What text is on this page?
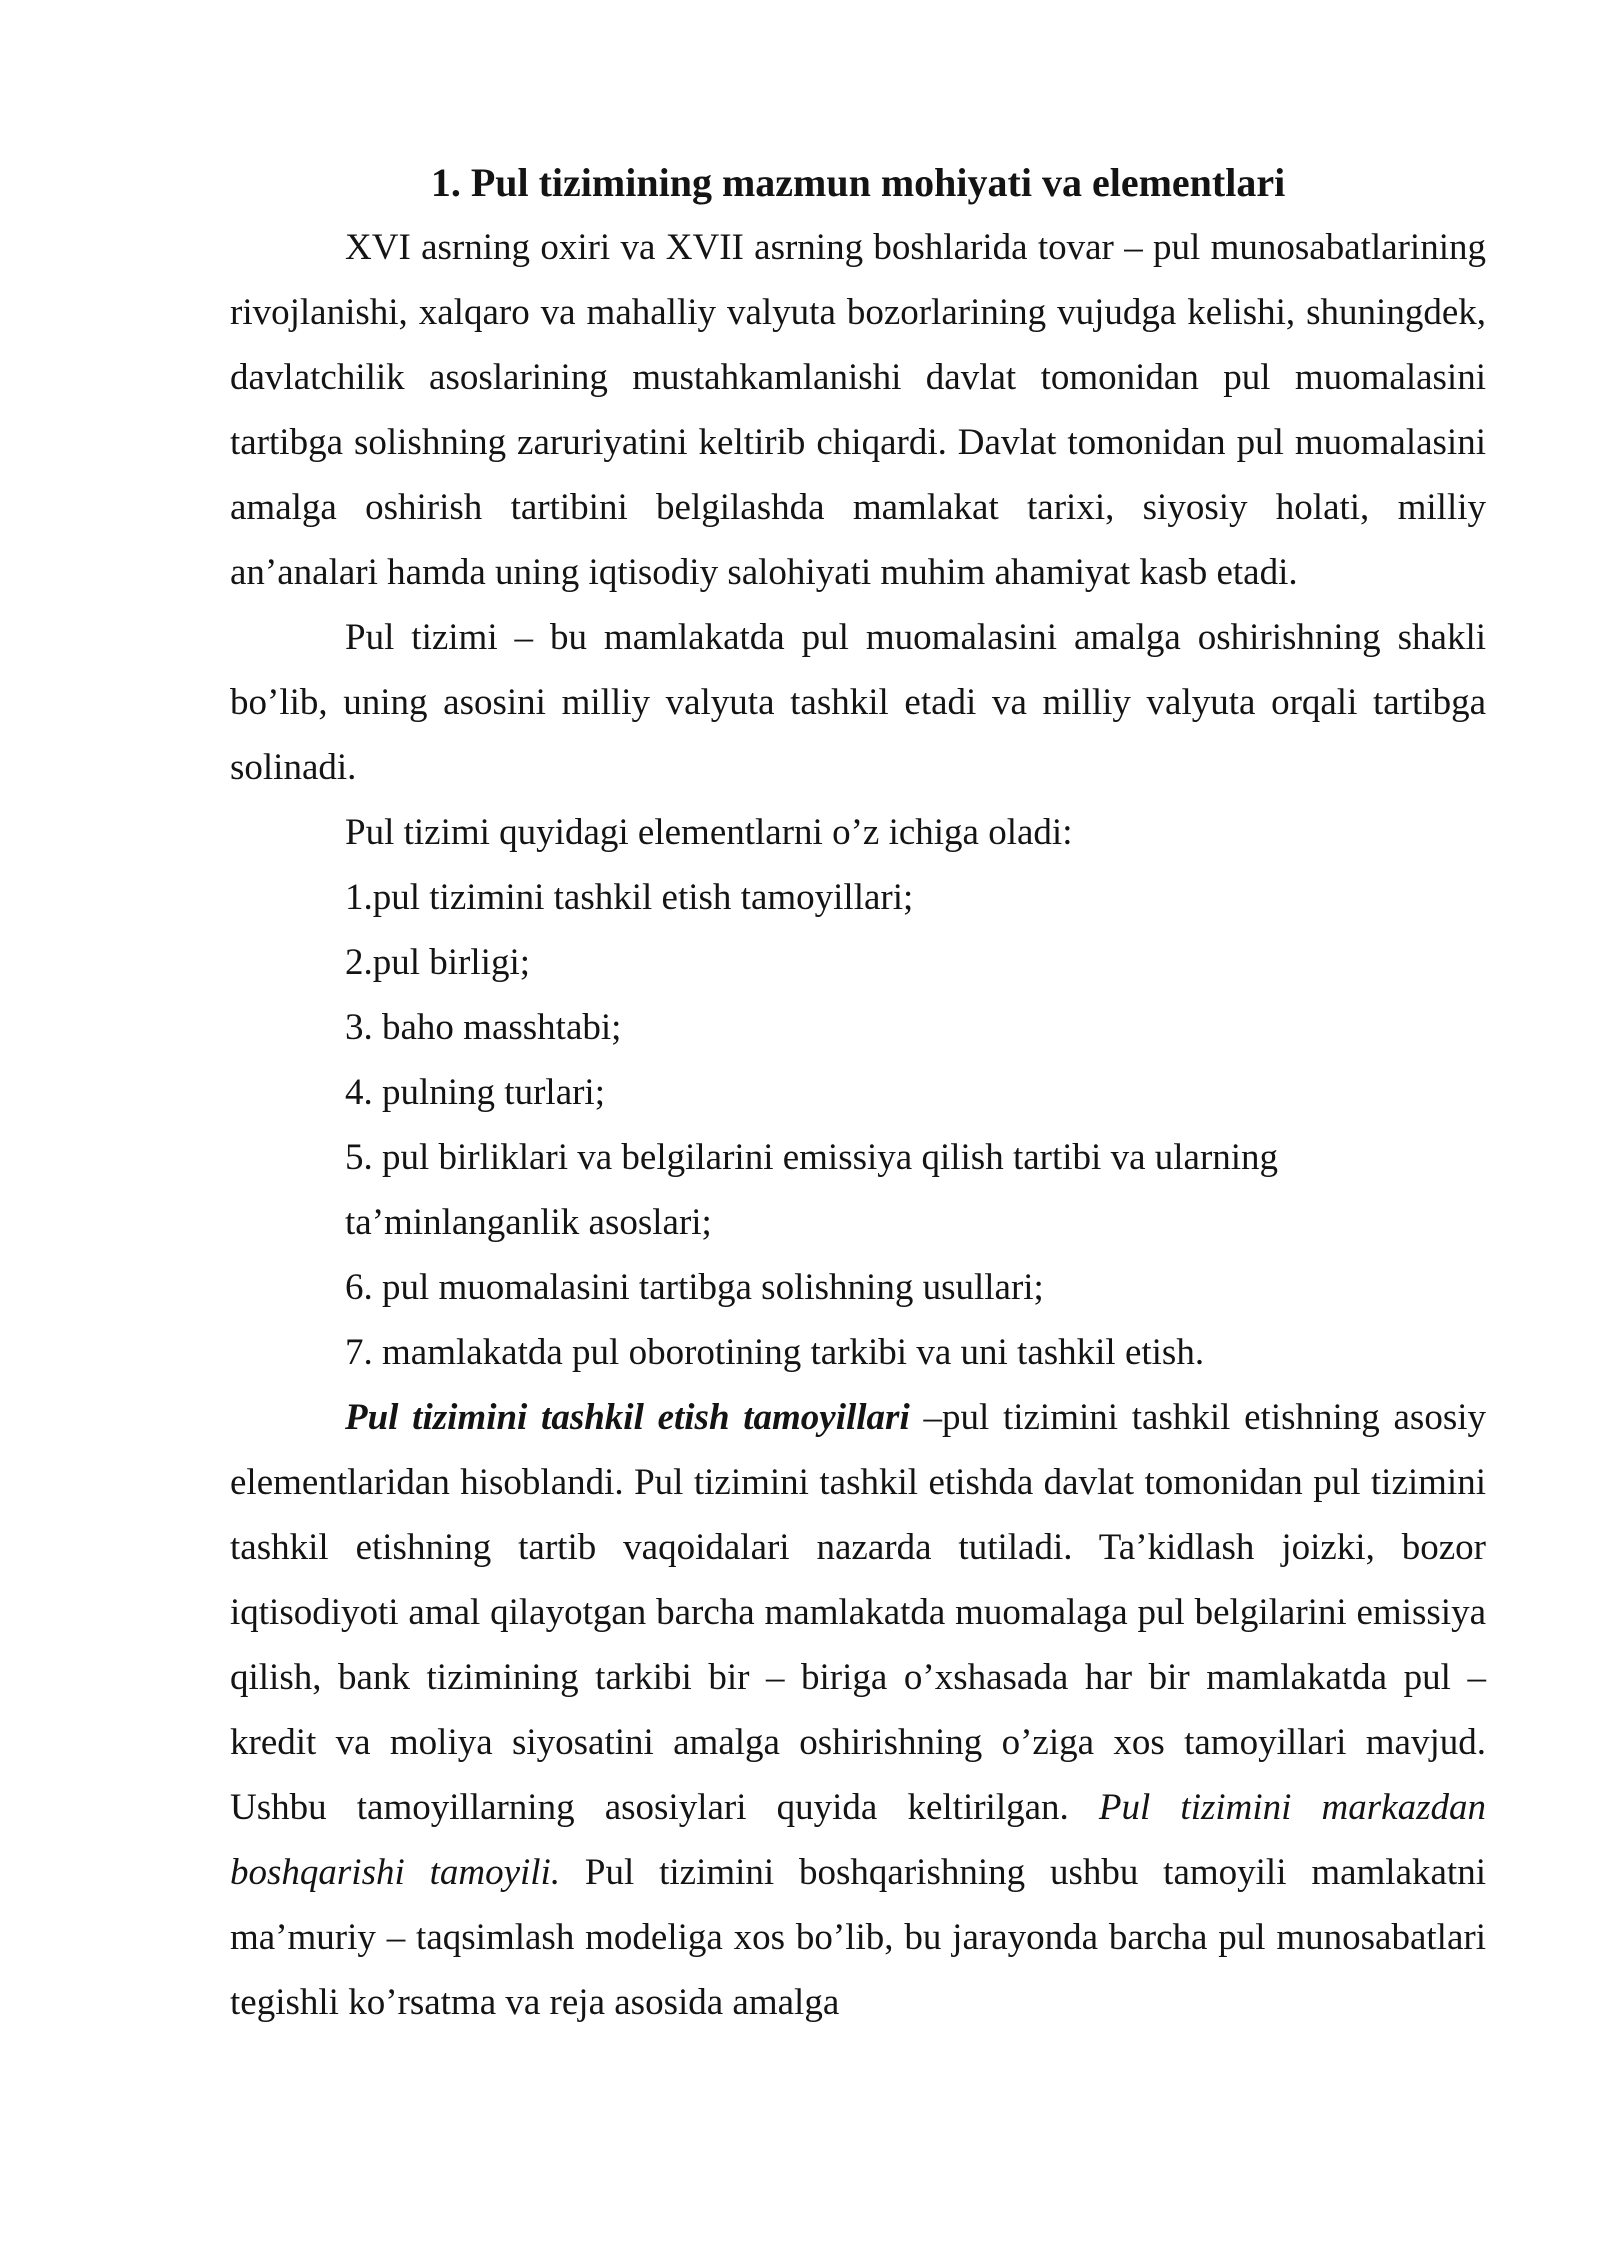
1. Pul tizimining mazmun mohiyati va elementlari

XVI asrning oxiri va XVII asrning boshlarida tovar – pul munosabatlarining rivojlanishi, xalqaro va mahalliy valyuta bozorlarining vujudga kelishi, shuningdek, davlatchilik asoslarining mustahkamlanishi davlat tomonidan pul muomalasini tartibga solishning zaruriyatini keltirib chiqardi. Davlat tomonidan pul muomalasini amalga oshirish tartibini belgilashda mamlakat tarixi, siyosiy holati, milliy an’analari hamda uning iqtisodiy salohiyati muhim ahamiyat kasb etadi.

Pul tizimi – bu mamlakatda pul muomalasini amalga oshirishning shakli bo’lib, uning asosini milliy valyuta tashkil etadi va milliy valyuta orqali tartibga solinadi.

Pul tizimi quyidagi elementlarni o’z ichiga oladi:

1.pul tizimini tashkil etish tamoyillari;

2.pul birligi;

3. baho masshtabi;

4. pulning turlari;

5. pul birliklari va belgilarini emissiya qilish tartibi va ularning

ta’minlanganlik asoslari;

6. pul muomalasini tartibga solishning usullari;

7. mamlakatda pul oborotining tarkibi va uni tashkil etish.

Pul tizimini tashkil etish tamoyillari –pul tizimini tashkil etishning asosiy elementlaridan hisoblandi. Pul tizimini tashkil etishda davlat tomonidan pul tizimini tashkil etishning tartib vaqoidalari nazarda tutiladi. Ta’kidlash joizki, bozor iqtisodiyoti amal qilayotgan barcha mamlakatda muomalaga pul belgilarini emissiya qilish, bank tizimining tarkibi bir – biriga o’xshasada har bir mamlakatda pul – kredit va moliya siyosatini amalga oshirishning o’ziga xos tamoyillari mavjud. Ushbu tamoyillarning asosiylari quyida keltirilgan. Pul tizimini markazdan boshqarishi tamoyili. Pul tizimini boshqarishning ushbu tamoyili mamlakatni ma’muriy – taqsimlash modeliga xos bo’lib, bu jarayonda barcha pul munosabatlari tegishli ko’rsatma va reja asosida amalga
